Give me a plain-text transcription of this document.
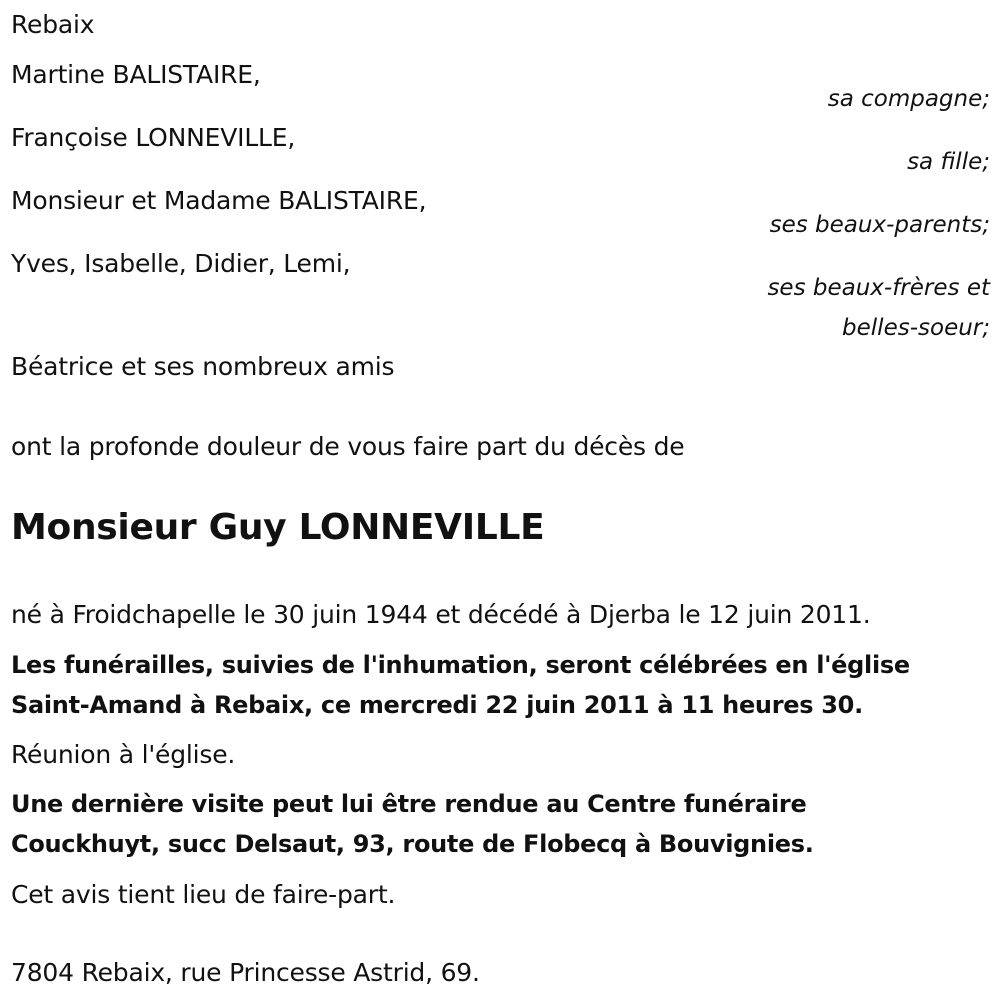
Rebaix
Martine BALISTAIRE,
sa compagne;
Françoise LONNEVILLE,
sa fille;
Monsieur et Madame BALISTAIRE,
ses beaux-parents;
Yves, Isabelle, Didier, Lemi,
ses beaux-frères et
belles-soeur;
Béatrice et ses nombreux amis
ont la profonde douleur de vous faire part du décès de
Monsieur Guy LONNEVILLE
né à Froidchapelle le 30 juin 1944 et décédé à Djerba le 12 juin 2011.
Les funérailles, suivies de l'inhumation, seront célébrées en l'église
Saint-Amand à Rebaix, ce mercredi 22 juin 2011 à 11 heures 30.
Réunion à l'église.
Une dernière visite peut lui être rendue au Centre funéraire
Couckhuyt, succ Delsaut, 93, route de Flobecq à Bouvignies.
Cet avis tient lieu de faire-part.
7804 Rebaix, rue Princesse Astrid, 69.
